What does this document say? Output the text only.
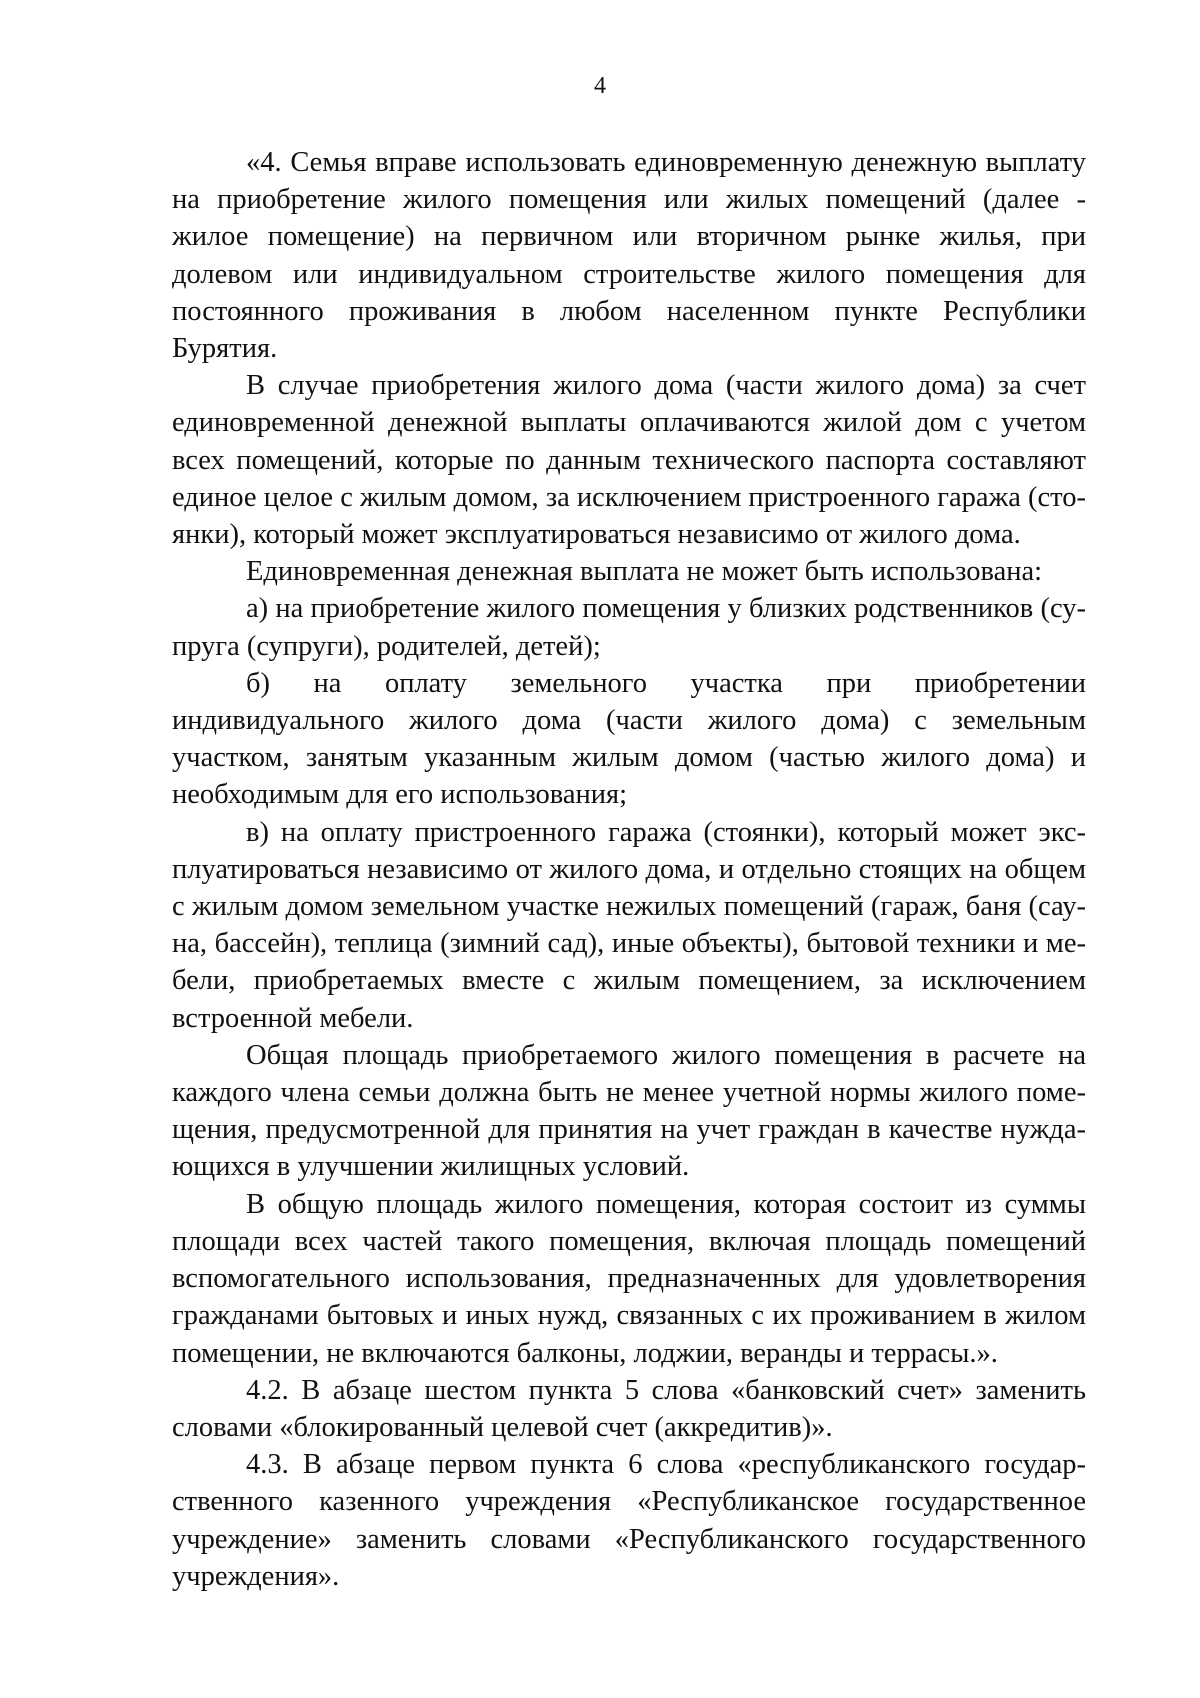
4

«4. Семья вправе использовать единовременную денежную выплату на приобретение жилого помещения или жилых помещений (далее - жилое помещение) на первичном или вторичном рынке жилья, при долевом или индивидуальном строительстве жилого помещения для постоянного проживания в любом населенном пункте Республики Бурятия.

В случае приобретения жилого дома (части жилого дома) за счет единовременной денежной выплаты оплачиваются жилой дом с учетом всех помещений, которые по данным технического паспорта составляют единое целое с жилым домом, за исключением пристроенного гаража (стоянки), который может эксплуатироваться независимо от жилого дома.

Единовременная денежная выплата не может быть использована:

а) на приобретение жилого помещения у близких родственников (супруга (супруги), родителей, детей);

б) на оплату земельного участка при приобретении индивидуального жилого дома (части жилого дома) с земельным участком, занятым указанным жилым домом (частью жилого дома) и необходимым для его использования;

в) на оплату пристроенного гаража (стоянки), который может эксплуатироваться независимо от жилого дома, и отдельно стоящих на общем с жилым домом земельном участке нежилых помещений (гараж, баня (сауна, бассейн), теплица (зимний сад), иные объекты), бытовой техники и мебели, приобретаемых вместе с жилым помещением, за исключением встроенной мебели.

Общая площадь приобретаемого жилого помещения в расчете на каждого члена семьи должна быть не менее учетной нормы жилого помещения, предусмотренной для принятия на учет граждан в качестве нуждающихся в улучшении жилищных условий.

В общую площадь жилого помещения, которая состоит из суммы площади всех частей такого помещения, включая площадь помещений вспомогательного использования, предназначенных для удовлетворения гражданами бытовых и иных нужд, связанных с их проживанием в жилом помещении, не включаются балконы, лоджии, веранды и террасы.».

4.2. В абзаце шестом пункта 5 слова «банковский счет» заменить словами «блокированный целевой счет (аккредитив)».

4.3. В абзаце первом пункта 6 слова «республиканского государственного казенного учреждения «Республиканское государственное учреждение» заменить словами «Республиканского государственного учреждения».
